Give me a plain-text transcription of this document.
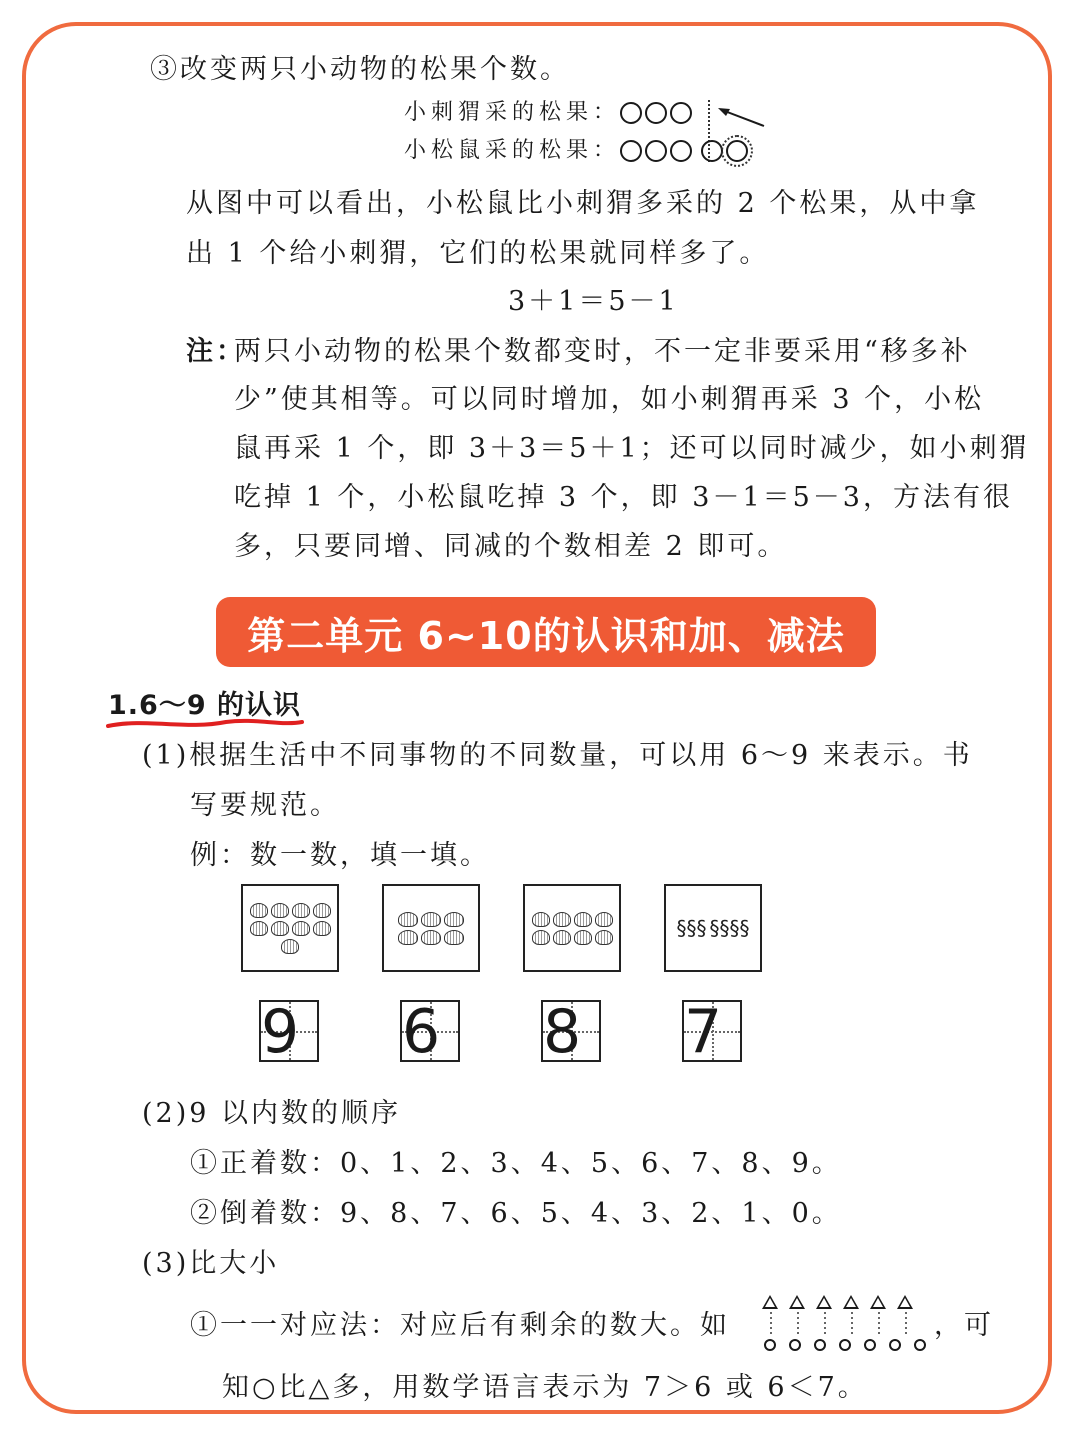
③改变两只小动物的松果个数。
小刺猬采的松果：
小松鼠采的松果：
从图中可以看出，小松鼠比小刺猬多采的 2 个松果，从中拿
出 1 个给小刺猬，它们的松果就同样多了。
3＋1＝5－1
注：
两只小动物的松果个数都变时，不一定非要采用“移多补
少”使其相等。可以同时增加，如小刺猬再采 3 个，小松
鼠再采 1 个，即 3＋3＝5＋1；还可以同时减少，如小刺猬
吃掉 1 个，小松鼠吃掉 3 个，即 3－1＝5－3，方法有很
多，只要同增、同减的个数相差 2 即可。
第二单元 6~10的认识和加、减法
1.6～9 的认识
(1)根据生活中不同事物的不同数量，可以用 6～9 来表示。书
写要规范。
例：数一数，填一填。
§§§ §§§§
9 6 8 7
(2)9 以内数的顺序
①正着数：0、1、2、3、4、5、6、7、8、9。
②倒着数：9、8、7、6、5、4、3、2、1、0。
(3)比大小
①一一对应法：对应后有剩余的数大。如	，可
知○比△多，用数学语言表示为 7＞6 或 6＜7。
